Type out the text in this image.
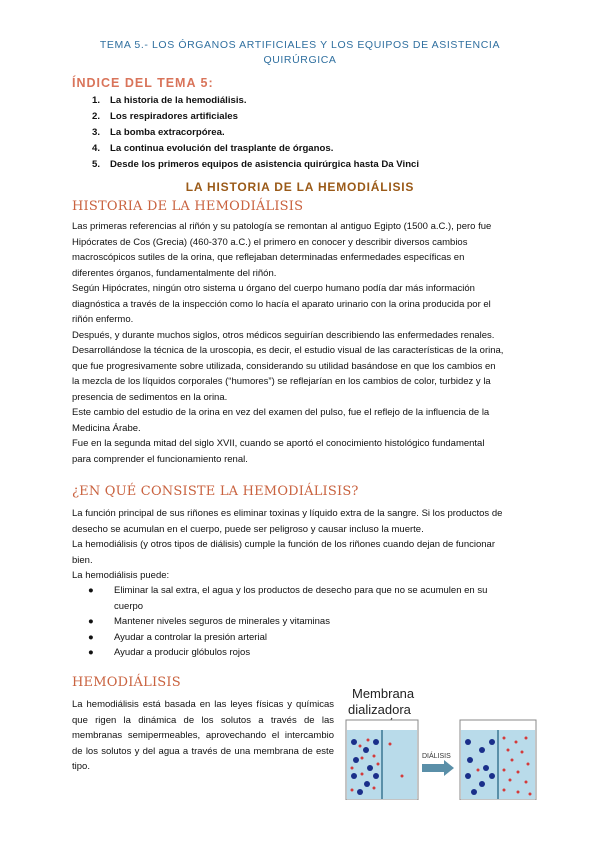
TEMA 5.- LOS ÓRGANOS ARTIFICIALES Y LOS EQUIPOS DE ASISTENCIA
QUIRÚRGICA
ÍNDICE DEL TEMA 5:
1. La historia de la hemodiálisis.
2. Los respiradores artificiales
3. La bomba extracorpórea.
4. La continua evolución del trasplante de órganos.
5. Desde los primeros equipos de asistencia quirúrgica hasta Da Vinci
LA HISTORIA DE LA HEMODIÁLISIS
HISTORIA DE LA HEMODIÁLISIS

Las primeras referencias al riñón y su patología se remontan al antiguo Egipto (1500 a.C.), pero fue

Hipócrates de Cos (Grecia) (460-370 a.C.) el primero en conocer y describir diversos cambios

macroscópicos sutiles de la orina, que reflejaban determinadas enfermedades específicas en

diferentes órganos, fundamentalmente del riñón.

Según Hipócrates, ningún otro sistema u órgano del cuerpo humano podía dar más información

diagnóstica a través de la inspección como lo hacía el aparato urinario con la orina producida por el

riñón enfermo.

Después, y durante muchos siglos, otros médicos seguirían describiendo las enfermedades renales.

Desarrollándose la técnica de la uroscopia, es decir, el estudio visual de las características de la orina,

que fue progresivamente sobre utilizada, considerando su utilidad basándose en que los cambios en

la mezcla de los líquidos corporales (“humores”) se reflejarían en los cambios de color, turbidez y la

presencia de sedimentos en la orina.

Este cambio del estudio de la orina en vez del examen del pulso, fue el reflejo de la influencia de la

Medicina Árabe.

Fue en la segunda mitad del siglo XVII, cuando se aportó el conocimiento histológico fundamental

para comprender el funcionamiento renal.

¿EN QUÉ CONSISTE LA HEMODIÁLISIS?

La función principal de sus riñones es eliminar toxinas y líquido extra de la sangre. Si los productos de

desecho se acumulan en el cuerpo, puede ser peligroso y causar incluso la muerte.

La hemodiálisis (y otros tipos de diálisis) cumple la función de los riñones cuando dejan de funcionar

bien.

La hemodiálisis puede:

● Eliminar la sal extra, el agua y los productos de desecho para que no se acumulen en su cuerpo
● Mantener niveles seguros de minerales y vitaminas
● Ayudar a controlar la presión arterial
● Ayudar a producir glóbulos rojos
HEMODIÁLISIS
La hemodiálisis está basada en las leyes físicas y químicas que rigen la dinámica de los solutos a través de las membranas semipermeables, aprovechando el intercambio de los solutos y del agua a través de una membrana de este tipo.
Membrana
dializadora
DIÁLISIS
